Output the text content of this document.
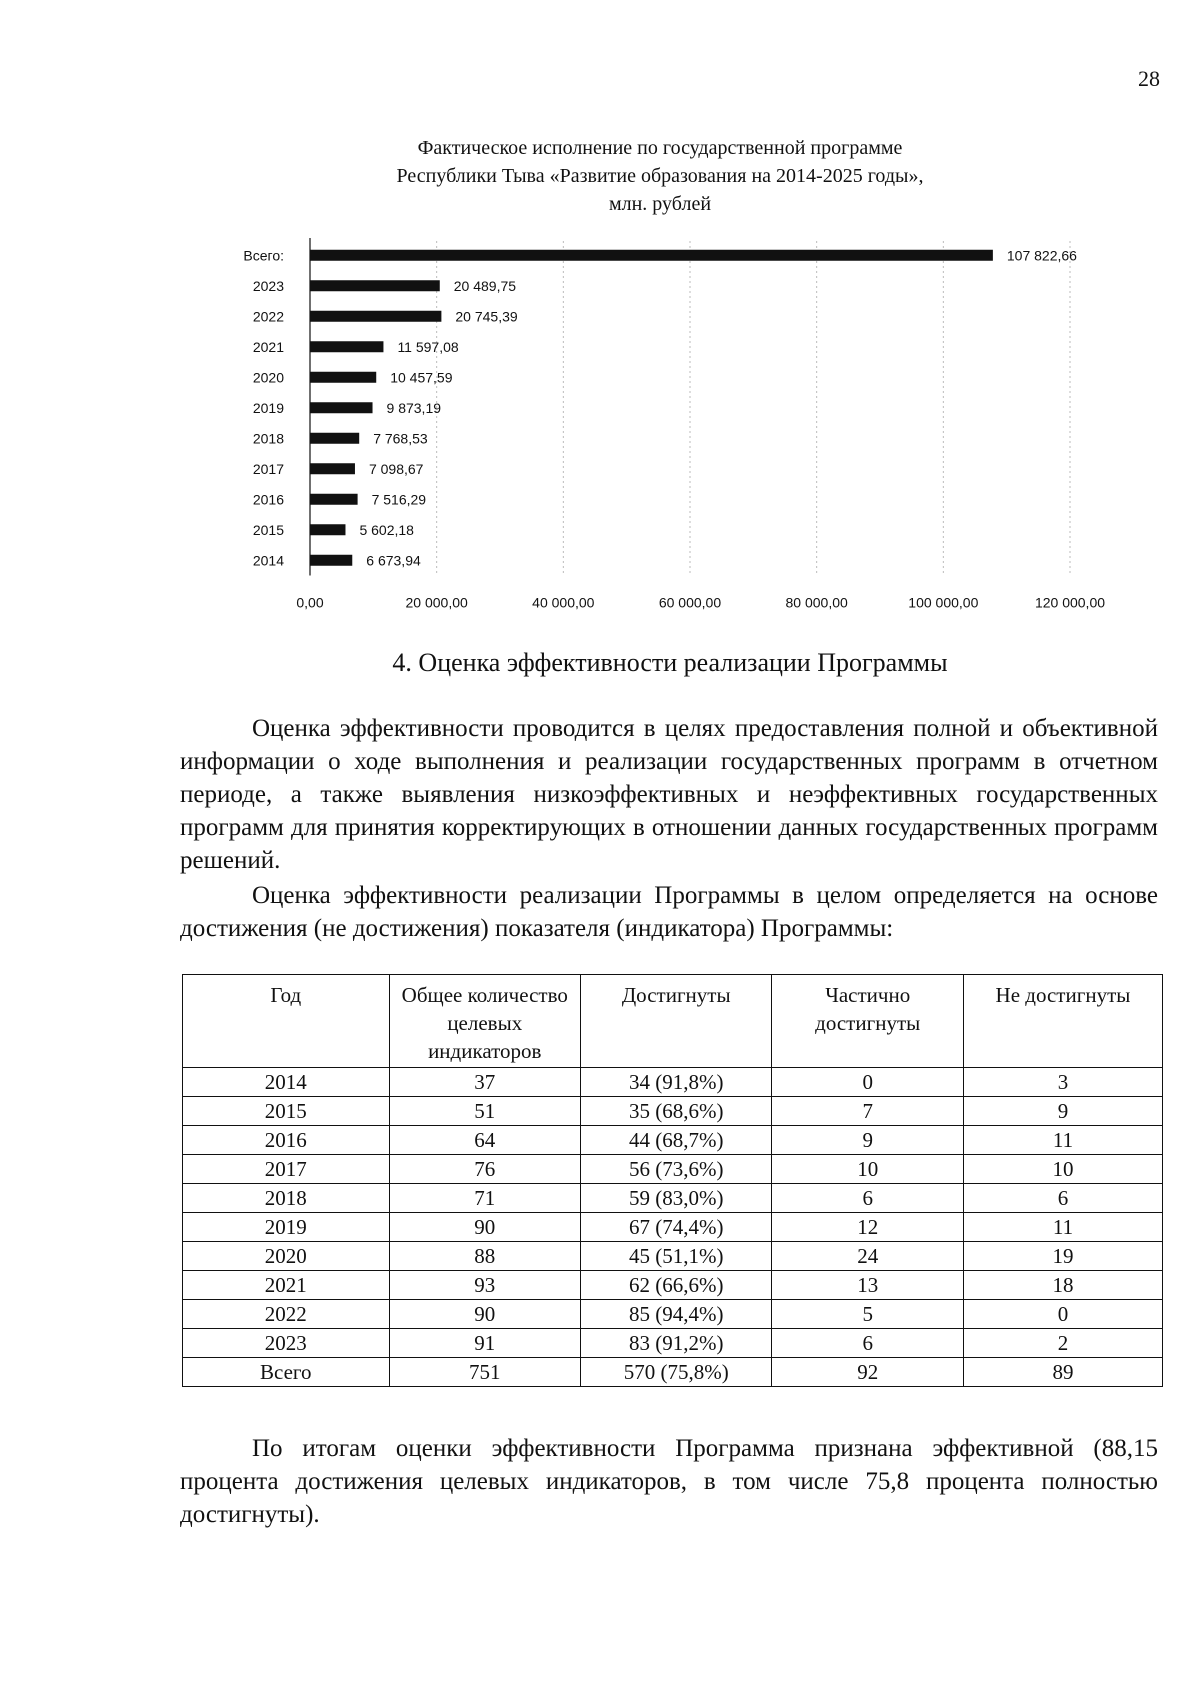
28
Фактическое исполнение по государственной программе
Республики Тыва «Развитие образования на 2014-2025 годы»,
млн. рублей
0,00	20 000,00	40 000,00	60 000,00	80 000,00	100 000,00	120 000,00
Всего:	107 822,66
2023	20 489,75
2022	20 745,39
2021	11 597,08
2020	10 457,59
2019	9 873,19
2018	7 768,53
2017	7 098,67
2016	7 516,29
2015	5 602,18
2014	6 673,94
4. Оценка эффективности реализации Программы

Оценка эффективности проводится в целях предоставления полной и объективной информации о ходе выполнения и реализации государственных программ в отчетном периоде, а также выявления низкоэффективных и неэффективных государственных программ для принятия корректирующих в отношении данных государственных программ решений.

Оценка эффективности реализации Программы в целом определяется на основе достижения (не достижения) показателя (индикатора) Программы:

Год	Общее количество целевых индикаторов	Достигнуты	Частично достигнуты	Не достигнуты
2014	37	34 (91,8%)	0	3
2015	51	35 (68,6%)	7	9
2016	64	44 (68,7%)	9	11
2017	76	56 (73,6%)	10	10
2018	71	59 (83,0%)	6	6
2019	90	67 (74,4%)	12	11
2020	88	45 (51,1%)	24	19
2021	93	62 (66,6%)	13	18
2022	90	85 (94,4%)	5	0
2023	91	83 (91,2%)	6	2
Всего	751	570 (75,8%)	92	89

По итогам оценки эффективности Программа признана эффективной (88,15 процента достижения целевых индикаторов, в том числе 75,8 процента полностью достигнуты).
